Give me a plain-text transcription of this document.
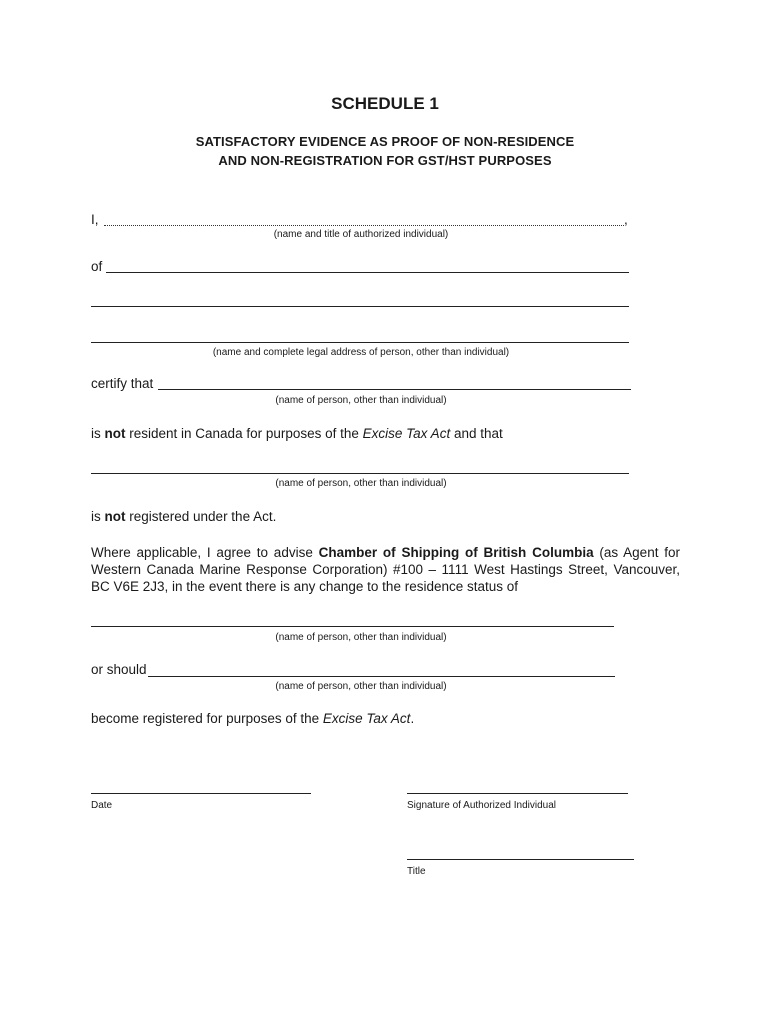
SCHEDULE 1
SATISFACTORY EVIDENCE AS PROOF OF NON-RESIDENCE
AND NON-REGISTRATION FOR GST/HST PURPOSES
I,	,
(name and title of authorized individual)
of
(name and complete legal address of person, other than individual)
certify that
(name of person, other than individual)
is not resident in Canada for purposes of the Excise Tax Act and that
(name of person, other than individual)
is not registered under the Act.
Where applicable, I agree to advise Chamber of Shipping of British Columbia (as Agent for Western Canada Marine Response Corporation) #100 – 1111 West Hastings Street, Vancouver, BC V6E 2J3, in the event there is any change to the residence status of
(name of person, other than individual)
or should
(name of person, other than individual)
become registered for purposes of the Excise Tax Act.
Date	Signature of Authorized Individual
Title
